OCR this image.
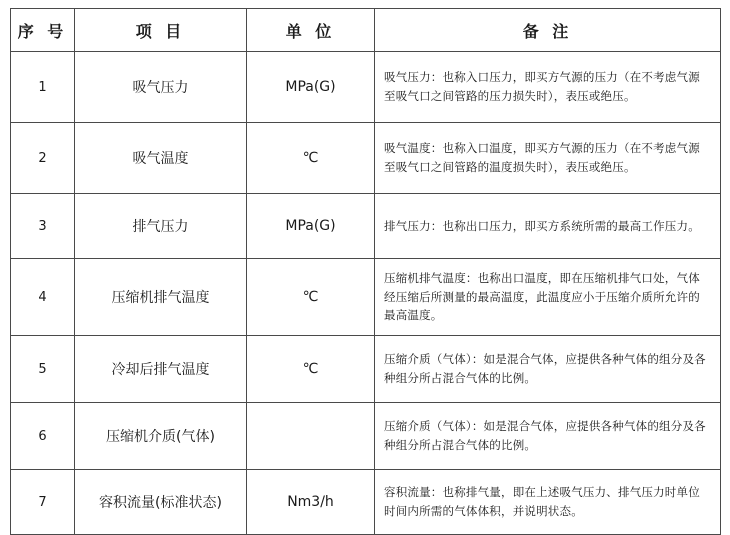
序 号	项 目	单 位	备 注
1	吸气压力	MPa(G)	吸气压力：也称入口压力，即买方气源的压力（在不考虑气源至吸气口之间管路的压力损失时），表压或绝压。
2	吸气温度	℃	吸气温度：也称入口温度，即买方气源的压力（在不考虑气源至吸气口之间管路的温度损失时），表压或绝压。
3	排气压力	MPa(G)	排气压力：也称出口压力，即买方系统所需的最高工作压力。
4	压缩机排气温度	℃	压缩机排气温度：也称出口温度，即在压缩机排气口处，气体经压缩后所测量的最高温度，此温度应小于压缩介质所允许的最高温度。
5	冷却后排气温度	℃	压缩介质（气体）：如是混合气体，应提供各种气体的组分及各种组分所占混合气体的比例。
6	压缩机介质(气体)		压缩介质（气体）：如是混合气体，应提供各种气体的组分及各种组分所占混合气体的比例。
7	容积流量(标准状态)	Nm3/h	容积流量：也称排气量，即在上述吸气压力、排气压力时单位时间内所需的气体体积，并说明状态。
